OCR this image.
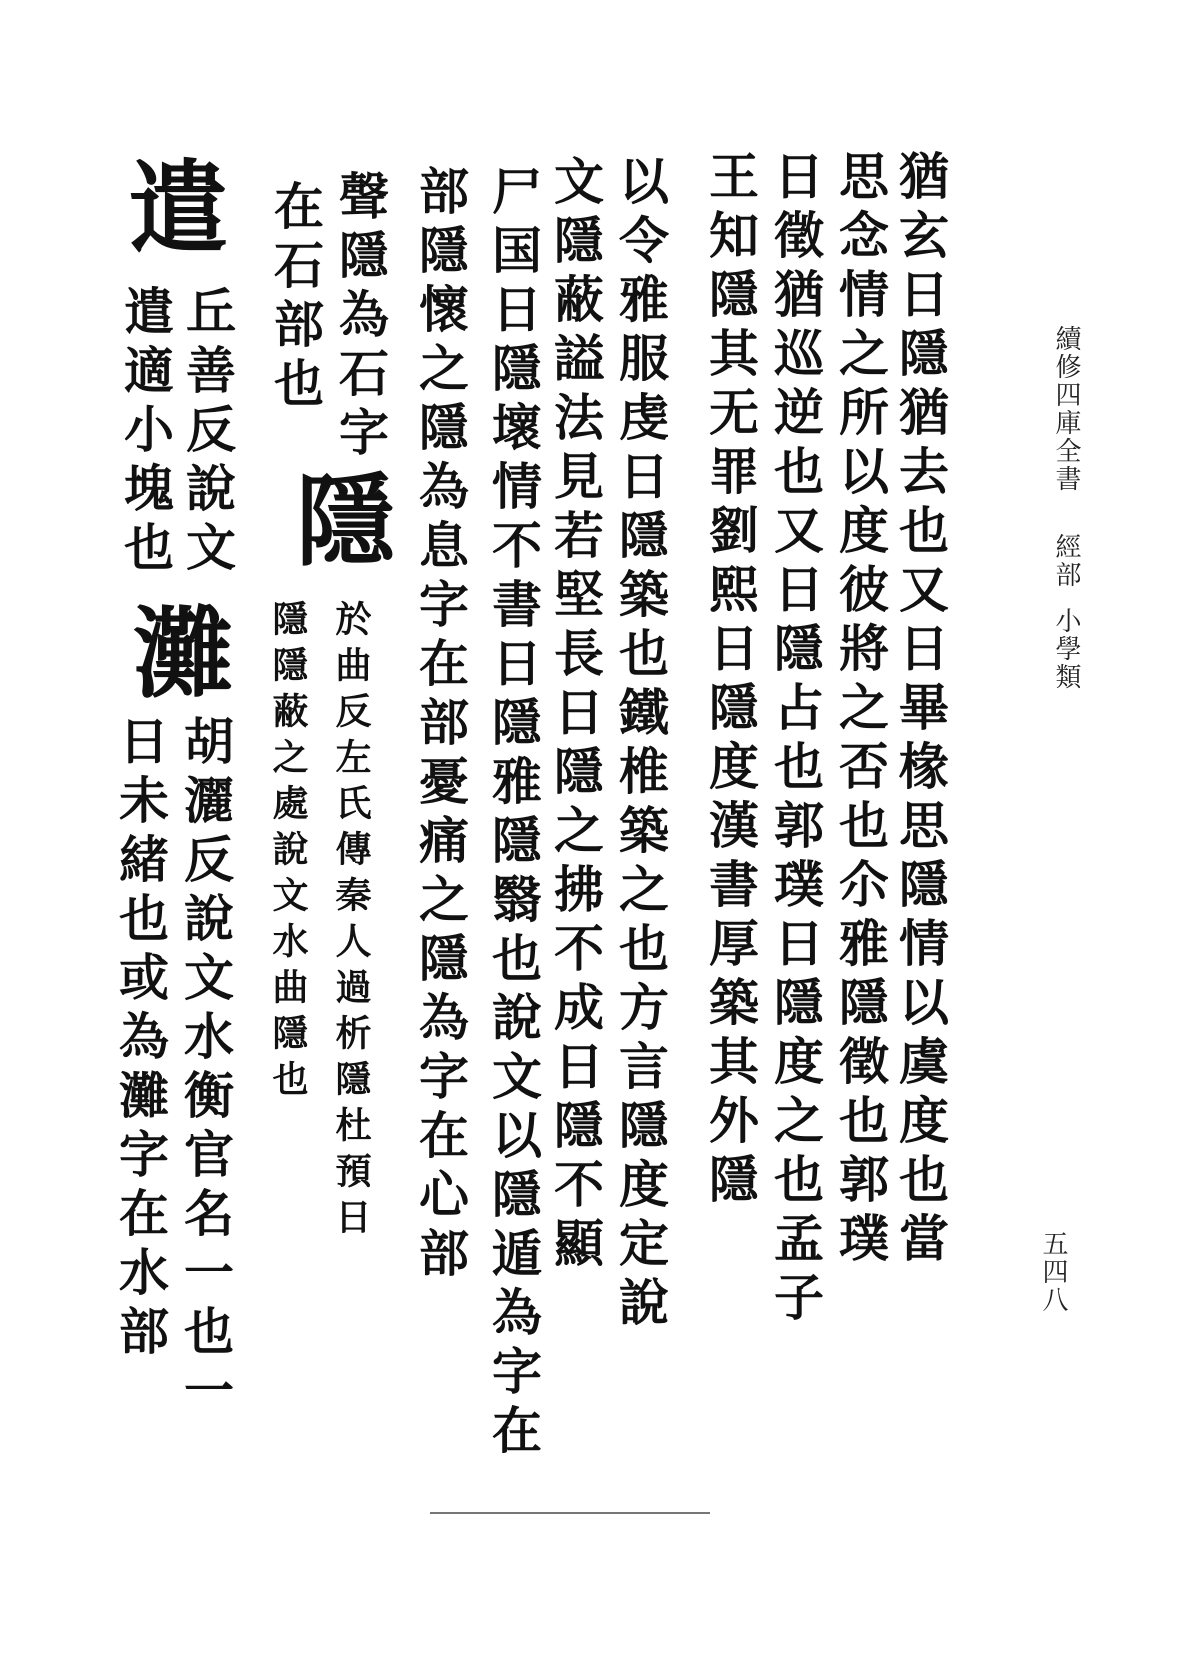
續修四庫全書經部小學類
五四八
猶玄日隱猶去也又日畢椽思隱情以虞度也當
思念情之所以度彼將之否也尒雅隱徵也郭璞
日徵猶巡逆也又日隱占也郭璞日隱度之也孟子
王知隱其无罪劉熙日隱度漢書厚築其外隱
以令雅服虔日隱築也鐵椎築之也方言隱度定說
文隱蔽謚法見若堅長日隱之拂不成日隱不顯
尸国日隱壞情不書日隱雅隱翳也說文以隱遁為字在
部隱懷之隱為息字在部憂痛之隱為字在心部
聲隱為石字
在石部也
隱
於曲反左氏傳秦人過析隱杜預日
隱隱蔽之處說文水曲隱也
遣
丘善反說文
遣適小塊也
灘
胡灑反說文水衡官名一也一
日未緒也或為灘字在水部
